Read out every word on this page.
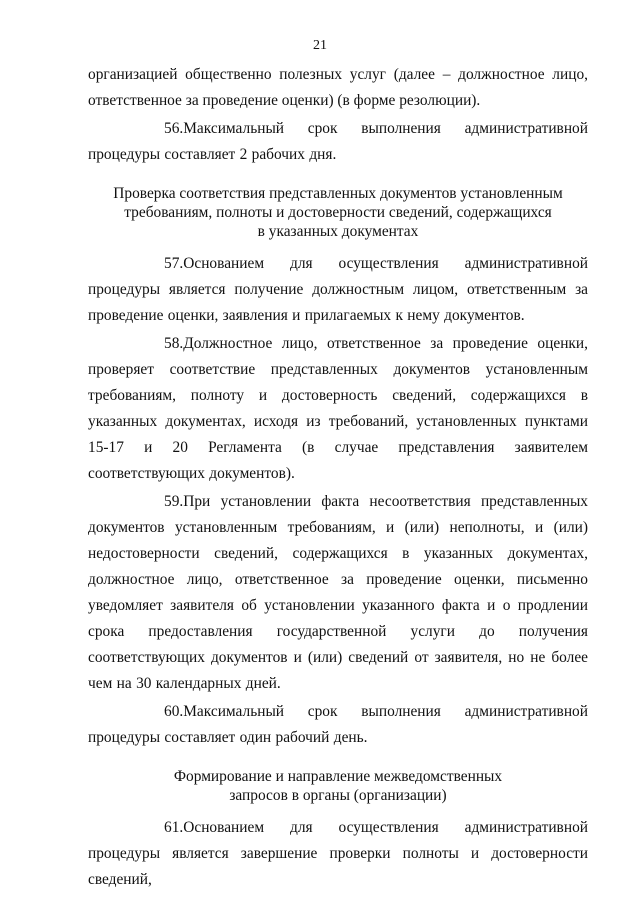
21

организацией общественно полезных услуг (далее – должностное лицо, ответственное за проведение оценки) (в форме резолюции).

56.Максимальный срок выполнения административной процедуры составляет 2 рабочих дня.

Проверка соответствия представленных документов установленным
требованиям, полноты и достоверности сведений, содержащихся
в указанных документах

57.Основанием для осуществления административной процедуры является получение должностным лицом, ответственным за проведение оценки, заявления и прилагаемых к нему документов.

58.Должностное лицо, ответственное за проведение оценки, проверяет соответствие представленных документов установленным требованиям, полноту и достоверность сведений, содержащихся в указанных документах, исходя из требований, установленных пунктами 15-17 и 20 Регламента (в случае представления заявителем соответствующих документов).

59.При установлении факта несоответствия представленных документов установленным требованиям, и (или) неполноты, и (или) недостоверности сведений, содержащихся в указанных документах, должностное лицо, ответственное за проведение оценки, письменно уведомляет заявителя об установлении указанного факта и о продлении срока предоставления государственной услуги до получения соответствующих документов и (или) сведений от заявителя, но не более чем на 30 календарных дней.

60.Максимальный срок выполнения административной процедуры составляет один рабочий день.

Формирование и направление межведомственных
запросов в органы (организации)

61.Основанием для осуществления административной процедуры является завершение проверки полноты и достоверности сведений,
